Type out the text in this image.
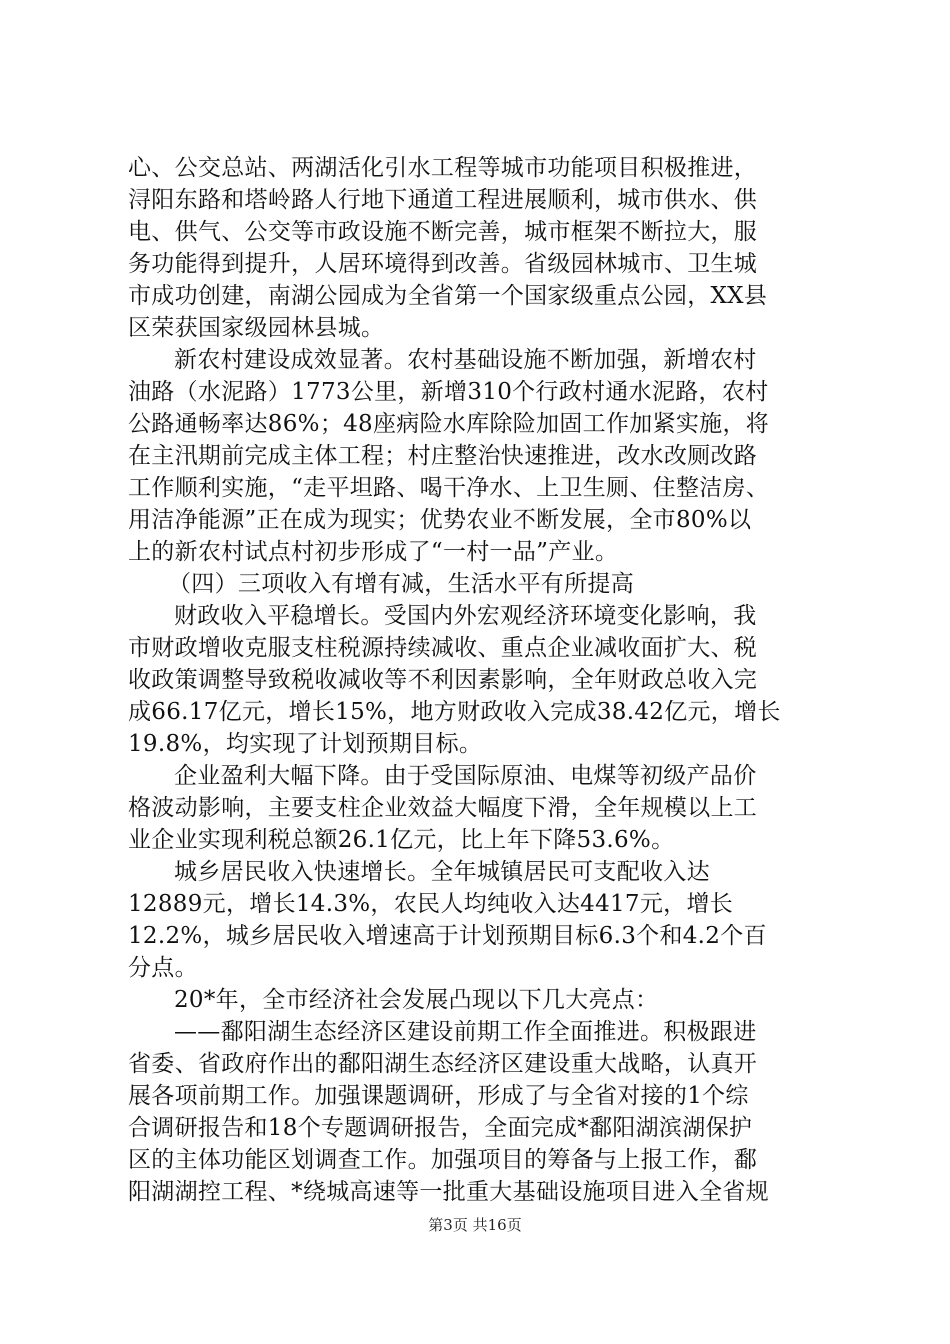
心、公交总站、两湖活化引水工程等城市功能项目积极推进，
浔阳东路和塔岭路人行地下通道工程进展顺利，城市供水、供
电、供气、公交等市政设施不断完善，城市框架不断拉大，服
务功能得到提升，人居环境得到改善。省级园林城市、卫生城
市成功创建，南湖公园成为全省第一个国家级重点公园，XX县
区荣获国家级园林县城。
新农村建设成效显著。农村基础设施不断加强，新增农村
油路（水泥路）1773公里，新增310个行政村通水泥路，农村
公路通畅率达86%；48座病险水库除险加固工作加紧实施，将
在主汛期前完成主体工程；村庄整治快速推进，改水改厕改路
工作顺利实施，“走平坦路、喝干净水、上卫生厕、住整洁房、
用洁净能源”正在成为现实；优势农业不断发展，全市80%以
上的新农村试点村初步形成了“一村一品”产业。
（四）三项收入有增有减，生活水平有所提高
财政收入平稳增长。受国内外宏观经济环境变化影响，我
市财政增收克服支柱税源持续减收、重点企业减收面扩大、税
收政策调整导致税收减收等不利因素影响，全年财政总收入完
成66.17亿元，增长15%，地方财政收入完成38.42亿元，增长
19.8%，均实现了计划预期目标。
企业盈利大幅下降。由于受国际原油、电煤等初级产品价
格波动影响，主要支柱企业效益大幅度下滑，全年规模以上工
业企业实现利税总额26.1亿元，比上年下降53.6%。
城乡居民收入快速增长。全年城镇居民可支配收入达
12889元，增长14.3%，农民人均纯收入达4417元，增长
12.2%，城乡居民收入增速高于计划预期目标6.3个和4.2个百
分点。
20*年，全市经济社会发展凸现以下几大亮点：
——鄱阳湖生态经济区建设前期工作全面推进。积极跟进
省委、省政府作出的鄱阳湖生态经济区建设重大战略，认真开
展各项前期工作。加强课题调研，形成了与全省对接的1个综
合调研报告和18个专题调研报告，全面完成*鄱阳湖滨湖保护
区的主体功能区划调查工作。加强项目的筹备与上报工作，鄱
阳湖湖控工程、*绕城高速等一批重大基础设施项目进入全省规
第3页 共16页
